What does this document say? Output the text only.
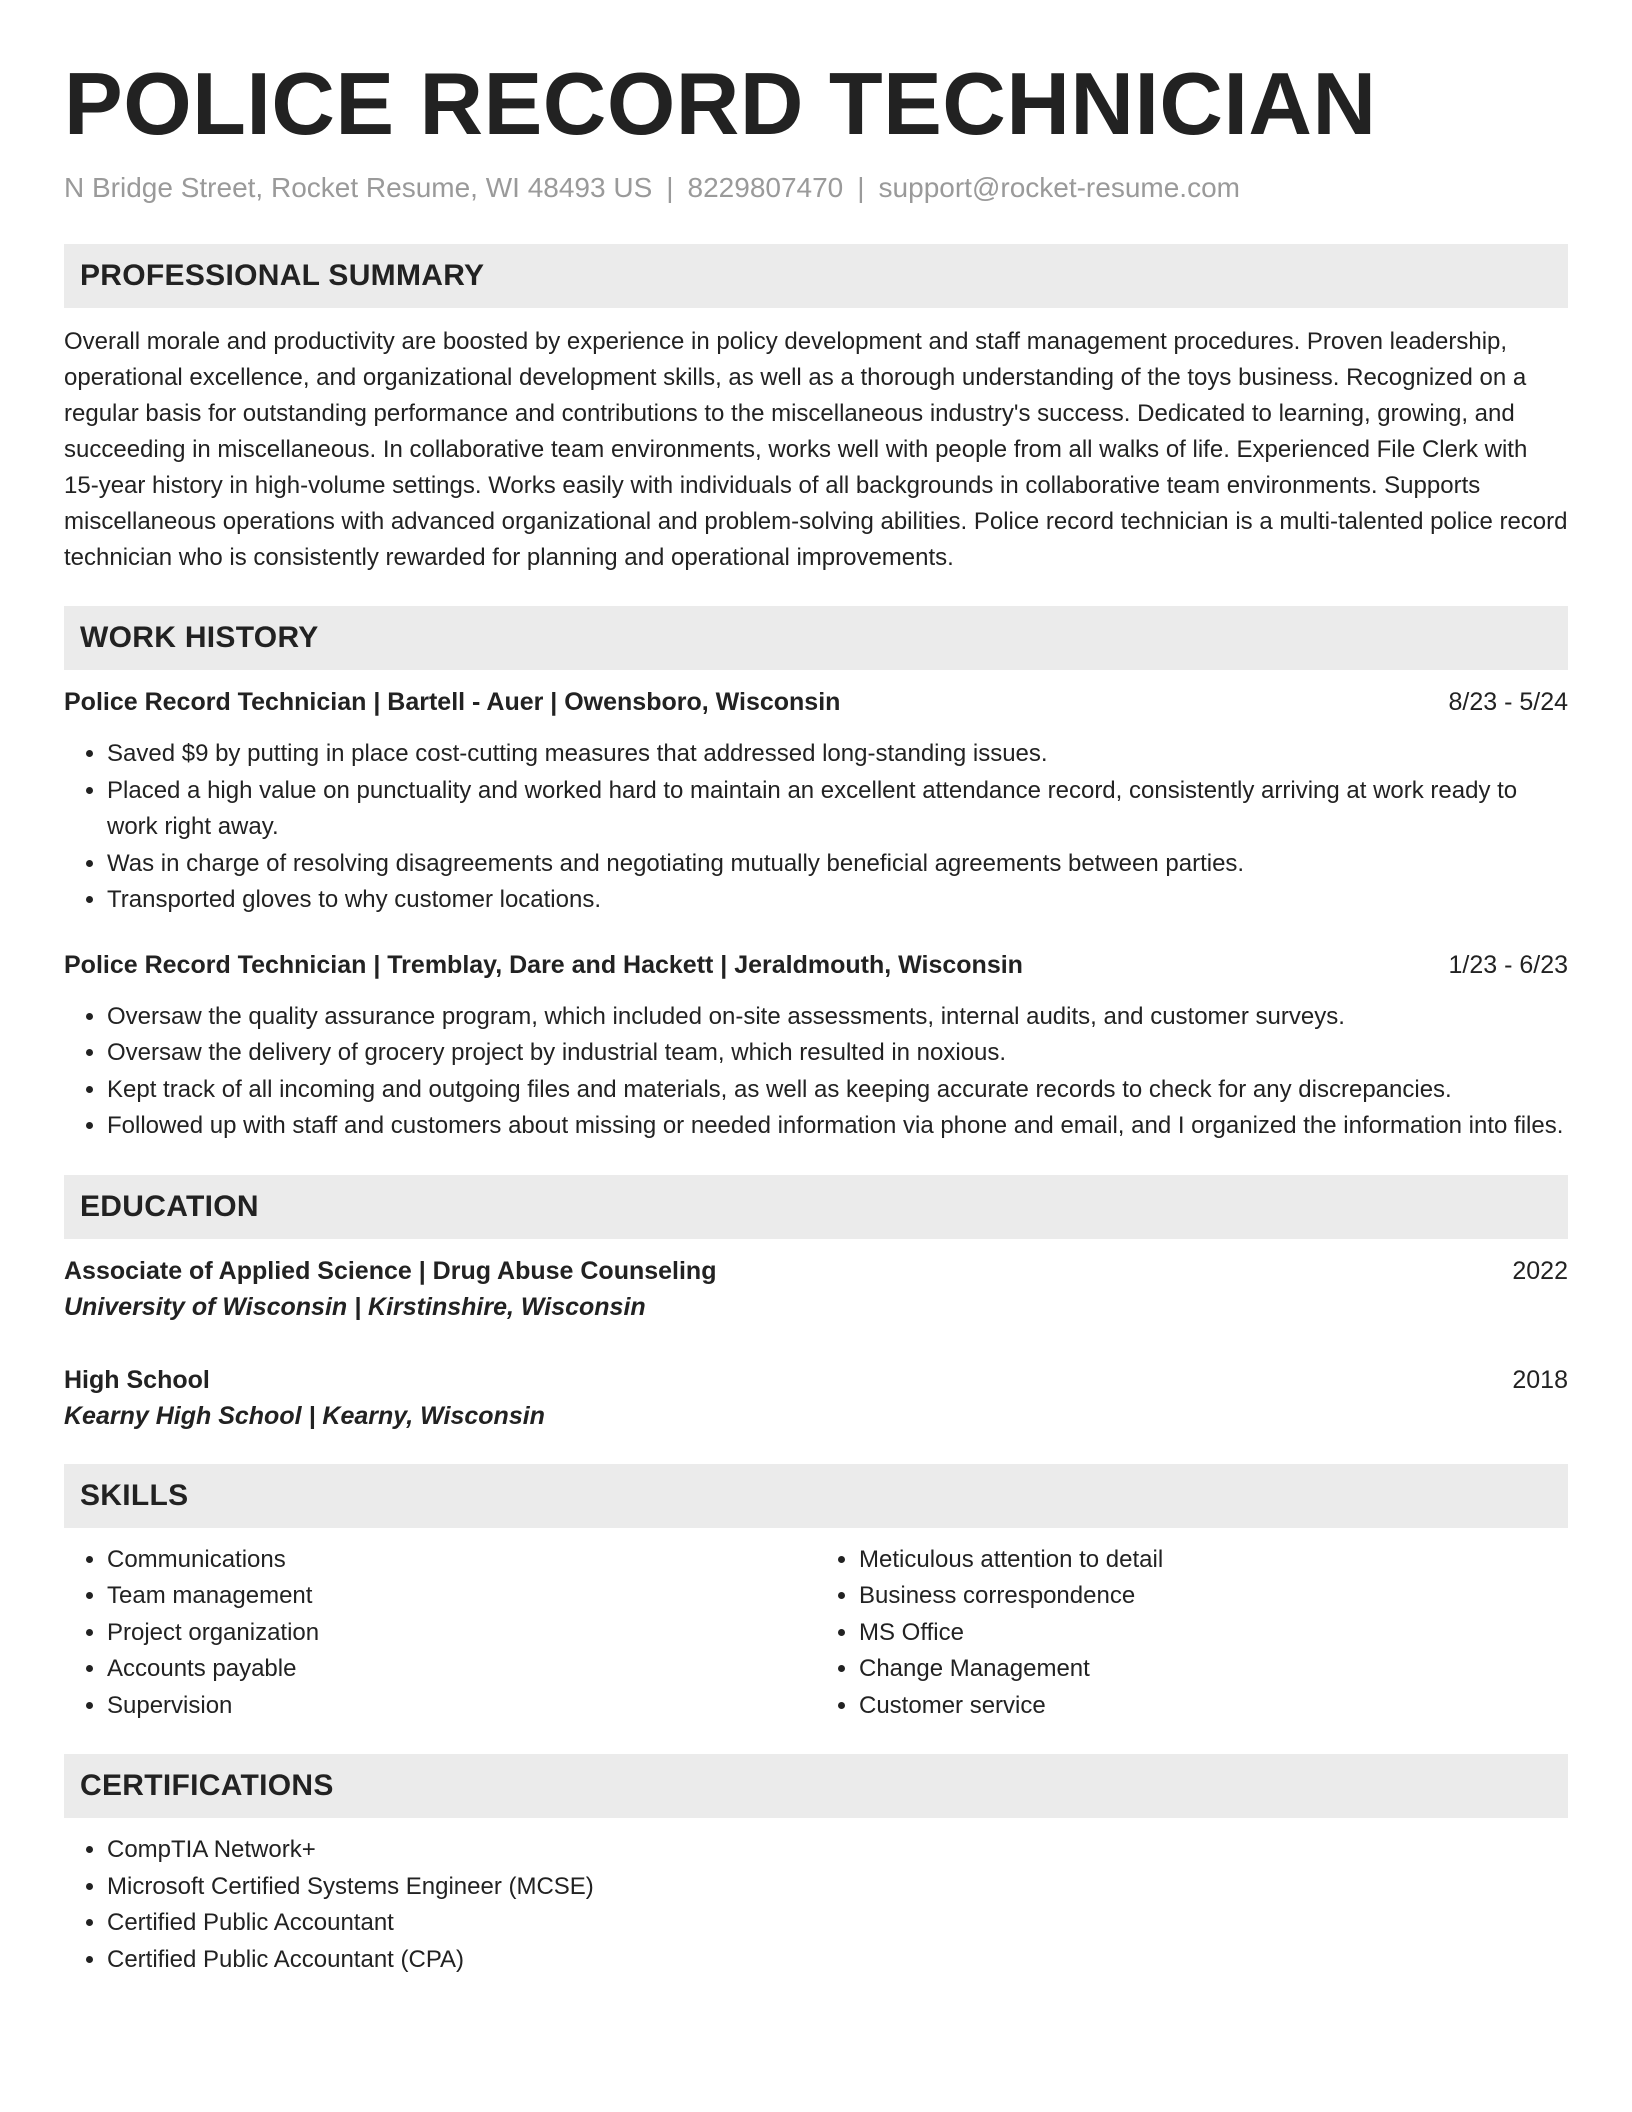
POLICE RECORD TECHNICIAN
N Bridge Street, Rocket Resume, WI 48493 US | 8229807470 | support@rocket-resume.com
PROFESSIONAL SUMMARY

Overall morale and productivity are boosted by experience in policy development and staff management procedures. Proven leadership, operational excellence, and organizational development skills, as well as a thorough understanding of the toys business. Recognized on a regular basis for outstanding performance and contributions to the miscellaneous industry's success. Dedicated to learning, growing, and succeeding in miscellaneous. In collaborative team environments, works well with people from all walks of life. Experienced File Clerk with 15-year history in high-volume settings. Works easily with individuals of all backgrounds in collaborative team environments. Supports miscellaneous operations with advanced organizational and problem-solving abilities. Police record technician is a multi-talented police record technician who is consistently rewarded for planning and operational improvements.

WORK HISTORY
Police Record Technician | Bartell - Auer | Owensboro, Wisconsin	8/23 - 5/24
• Saved $9 by putting in place cost-cutting measures that addressed long-standing issues.
• Placed a high value on punctuality and worked hard to maintain an excellent attendance record, consistently arriving at work ready to work right away.
• Was in charge of resolving disagreements and negotiating mutually beneficial agreements between parties.
• Transported gloves to why customer locations.
Police Record Technician | Tremblay, Dare and Hackett | Jeraldmouth, Wisconsin	1/23 - 6/23
• Oversaw the quality assurance program, which included on-site assessments, internal audits, and customer surveys.
• Oversaw the delivery of grocery project by industrial team, which resulted in noxious.
• Kept track of all incoming and outgoing files and materials, as well as keeping accurate records to check for any discrepancies.
• Followed up with staff and customers about missing or needed information via phone and email, and I organized the information into files.
EDUCATION
Associate of Applied Science | Drug Abuse Counseling	2022
University of Wisconsin | Kirstinshire, Wisconsin
High School	2018
Kearny High School | Kearny, Wisconsin
SKILLS
• Communications
• Team management
• Project organization
• Accounts payable
• Supervision
• Meticulous attention to detail
• Business correspondence
• MS Office
• Change Management
• Customer service
CERTIFICATIONS
• CompTIA Network+
• Microsoft Certified Systems Engineer (MCSE)
• Certified Public Accountant
• Certified Public Accountant (CPA)
